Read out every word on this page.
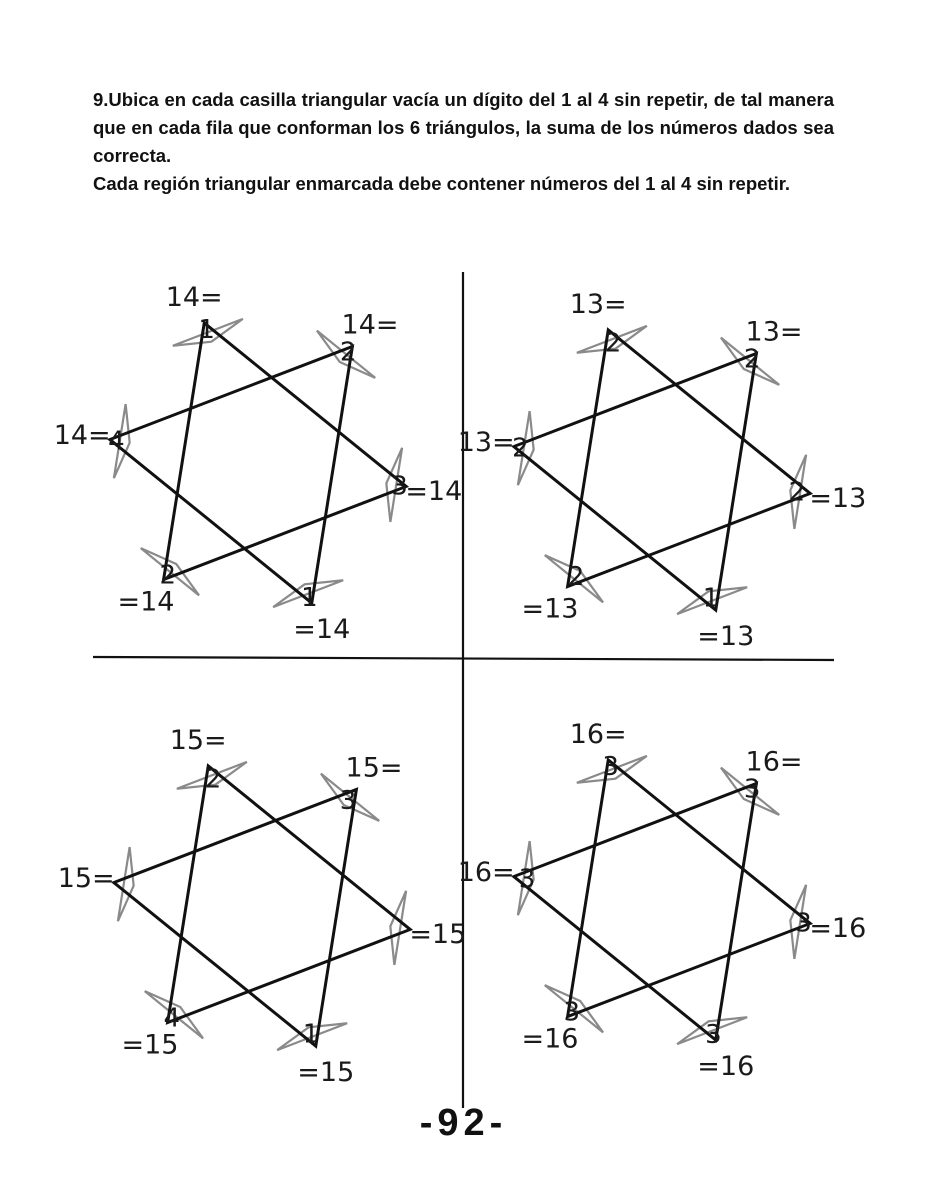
9.Ubica en cada casilla triangular vacía un dígito del 1 al 4 sin repetir, de tal manera que en cada fila que conforman los 6 triángulos, la suma de los números dados sea correcta.

Cada región triangular enmarcada debe contener números del 1 al 4 sin repetir.

1
2
4
3
2
1
14=
14=
=14
=14
=14
14=
2
2
2
2
2
1
13=
13=
=13
=13
=13
13=
2
3
4
1
15=
15=
=15
=15
=15
15=	3
3
3
3
3
3
16=
16=
=16
=16
=16
16=
-92-
